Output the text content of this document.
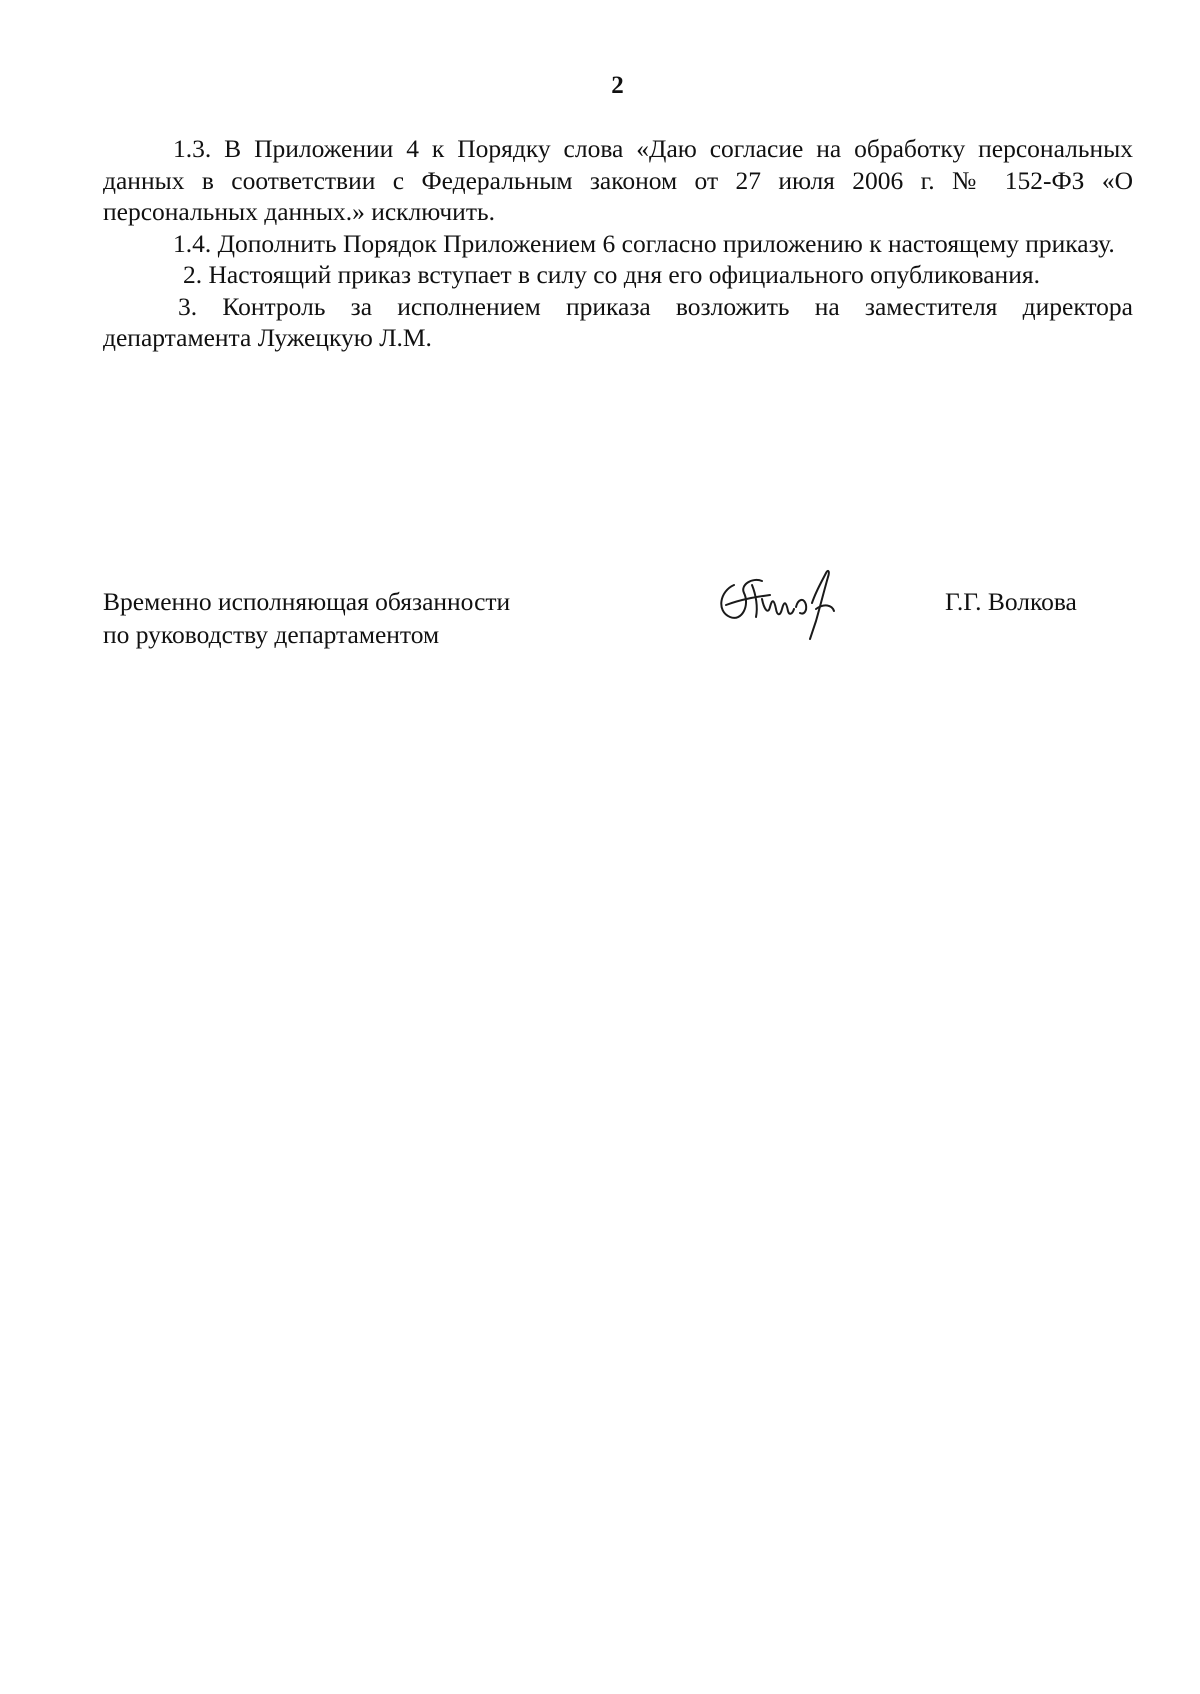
2

1.3. В Приложении 4 к Порядку слова «Даю согласие на обработку персональных данных в соответствии с Федеральным законом от 27 июля 2006 г. № 152-ФЗ «О персональных данных.» исключить.

1.4. Дополнить Порядок Приложением 6 согласно приложению к настоящему приказу.

2. Настоящий приказ вступает в силу со дня его официального опубликования.

3. Контроль за исполнением приказа возложить на заместителя директора департамента Лужецкую Л.М.

Временно исполняющая обязанности
по руководству департаментом
Г.Г. Волкова
